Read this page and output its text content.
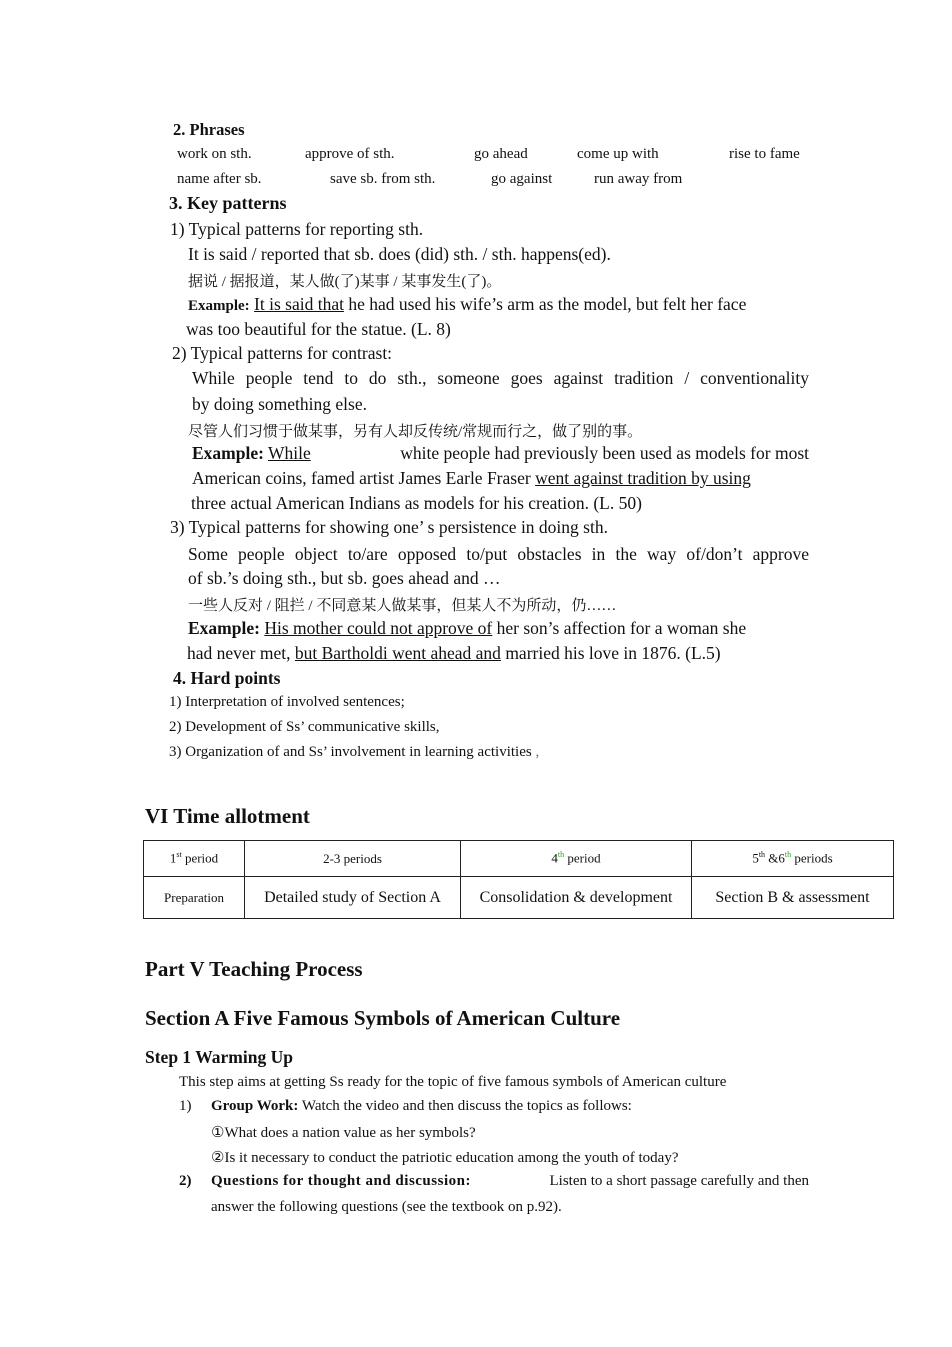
2. Phrases
work on sth.	approve of sth.	go ahead	come up with	rise to fame
name after sb.	save sb. from sth.	go against	run away from
3. Key patterns
1) Typical patterns for reporting sth.
It is said / reported that sb. does (did) sth. / sth. happens(ed).
据说 / 据报道，某人做(了)某事 / 某事发生(了)。
Example: It is said that he had used his wife’s arm as the model, but felt her face
was too beautiful for the statue. (L. 8)
2) Typical patterns for contrast:
While people tend to do sth., someone goes against tradition / conventionality
by doing something else.
尽管人们习惯于做某事，另有人却反传统/常规而行之，做了别的事。
Example: While	white people had previously been used as models for most
American coins, famed artist James Earle Fraser went against tradition by using
three actual American Indians as models for his creation. (L. 50)
3) Typical patterns for showing one’ s persistence in doing sth.
Some people object to/are opposed to/put obstacles in the way of/don’t approve
of sb.’s doing sth., but sb. goes ahead and …
一些人反对 / 阻拦 / 不同意某人做某事，但某人不为所动，仍……
Example: His mother could not approve of her son’s affection for a woman she
had never met, but Bartholdi went ahead and married his love in 1876. (L.5)
4. Hard points
1) Interpretation of involved sentences;
2) Development of Ss’ communicative skills,
3) Organization of and Ss’ involvement in learning activities ,
VI Time allotment
1st period	2-3 periods	4th period	5th &6th periods
Preparation	Detailed study of Section A	Consolidation & development	Section B & assessment
Part V Teaching Process
Section A Five Famous Symbols of American Culture
Step 1 Warming Up
This step aims at getting Ss ready for the topic of five famous symbols of American culture
1) Group Work: Watch the video and then discuss the topics as follows:
①What does a nation value as her symbols?
②Is it necessary to conduct the patriotic education among the youth of today?
2) Questions for thought and discussion:	Listen to a short passage carefully and then
answer the following questions (see the textbook on p.92).
